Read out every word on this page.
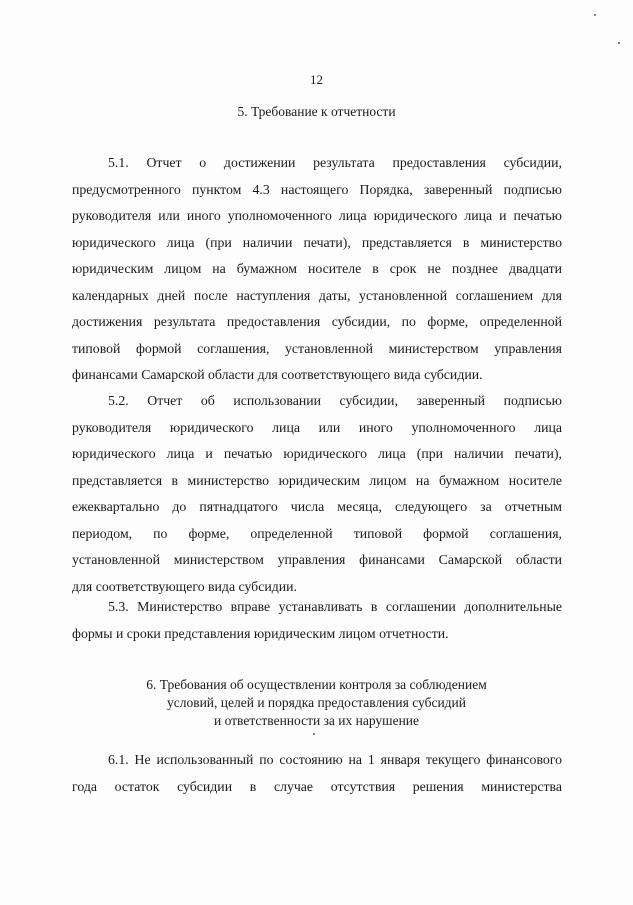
12
5. Требование к отчетности
5.1. Отчет о достижении результата предоставления субсидии,
предусмотренного пунктом 4.3 настоящего Порядка, заверенный подписью
руководителя или иного уполномоченного лица юридического лица и печатью
юридического лица (при наличии печати), представляется в министерство
юридическим лицом на бумажном носителе в срок не позднее двадцати
календарных дней после наступления даты, установленной соглашением для
достижения результата предоставления субсидии, по форме, определенной
типовой формой соглашения, установленной министерством управления
финансами Самарской области для соответствующего вида субсидии.
5.2. Отчет об использовании субсидии, заверенный подписью
руководителя юридического лица или иного уполномоченного лица
юридического лица и печатью юридического лица (при наличии печати),
представляется в министерство юридическим лицом на бумажном носителе
ежеквартально до пятнадцатого числа месяца, следующего за отчетным
периодом, по форме, определенной типовой формой соглашения,
установленной министерством управления финансами Самарской области
для соответствующего вида субсидии.
5.3. Министерство вправе устанавливать в соглашении дополнительные
формы и сроки представления юридическим лицом отчетности.
6. Требования об осуществлении контроля за соблюдением
условий, целей и порядка предоставления субсидий
и ответственности за их нарушение
6.1. Не использованный по состоянию на 1 января текущего финансового
года остаток субсидии в случае отсутствия решения министерства
